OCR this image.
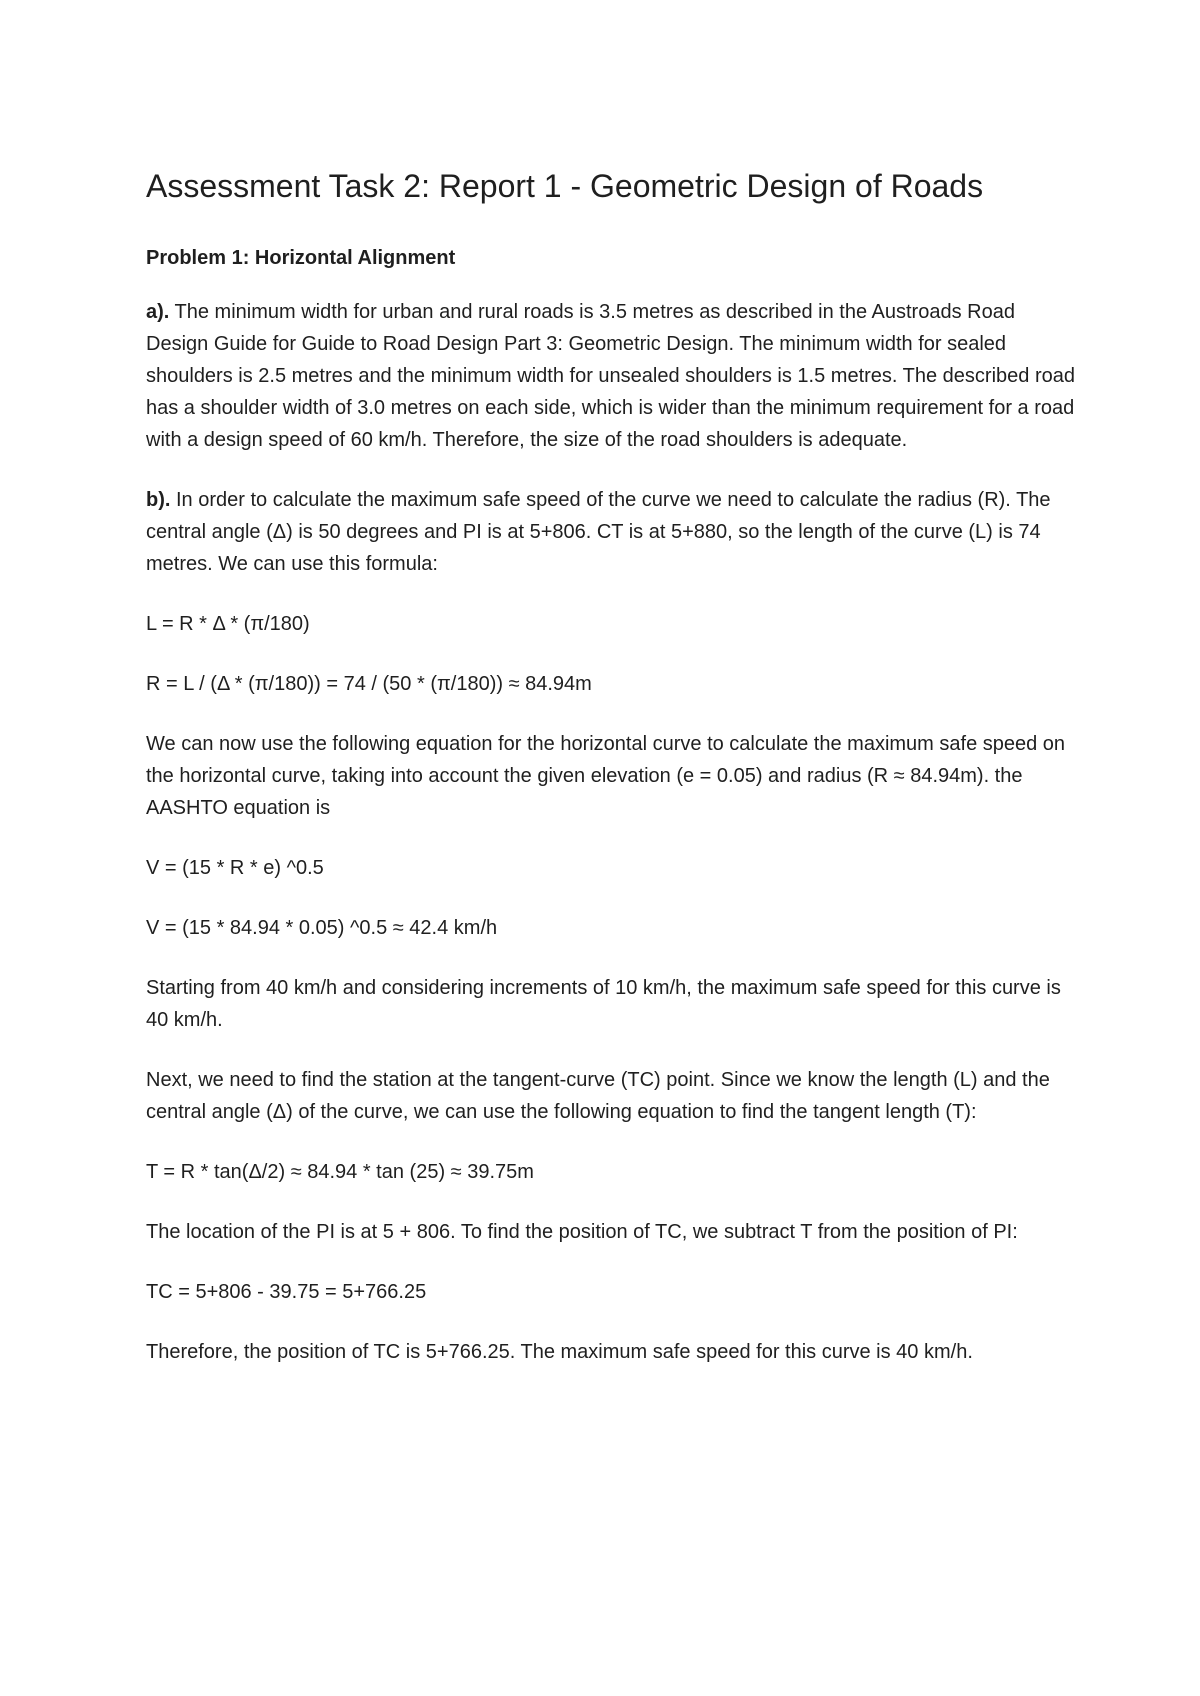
Assessment Task 2: Report 1 - Geometric Design of Roads
Problem 1: Horizontal Alignment

a). The minimum width for urban and rural roads is 3.5 metres as described in the Austroads Road Design Guide for Guide to Road Design Part 3: Geometric Design. The minimum width for sealed shoulders is 2.5 metres and the minimum width for unsealed shoulders is 1.5 metres. The described road has a shoulder width of 3.0 metres on each side, which is wider than the minimum requirement for a road with a design speed of 60 km/h. Therefore, the size of the road shoulders is adequate.

b). In order to calculate the maximum safe speed of the curve we need to calculate the radius (R). The central angle (Δ) is 50 degrees and PI is at 5+806. CT is at 5+880, so the length of the curve (L) is 74 metres. We can use this formula:

L = R * Δ * (π/180)

R = L / (Δ * (π/180)) = 74 / (50 * (π/180)) ≈ 84.94m

We can now use the following equation for the horizontal curve to calculate the maximum safe speed on the horizontal curve, taking into account the given elevation (e = 0.05) and radius (R ≈ 84.94m). the AASHTO equation is

V = (15 * R * e) ^0.5

V = (15 * 84.94 * 0.05) ^0.5 ≈ 42.4 km/h

Starting from 40 km/h and considering increments of 10 km/h, the maximum safe speed for this curve is 40 km/h.

Next, we need to find the station at the tangent-curve (TC) point. Since we know the length (L) and the central angle (Δ) of the curve, we can use the following equation to find the tangent length (T):

T = R * tan(Δ/2) ≈ 84.94 * tan (25) ≈ 39.75m

The location of the PI is at 5 + 806. To find the position of TC, we subtract T from the position of PI:

TC = 5+806 - 39.75 = 5+766.25

Therefore, the position of TC is 5+766.25. The maximum safe speed for this curve is 40 km/h.
